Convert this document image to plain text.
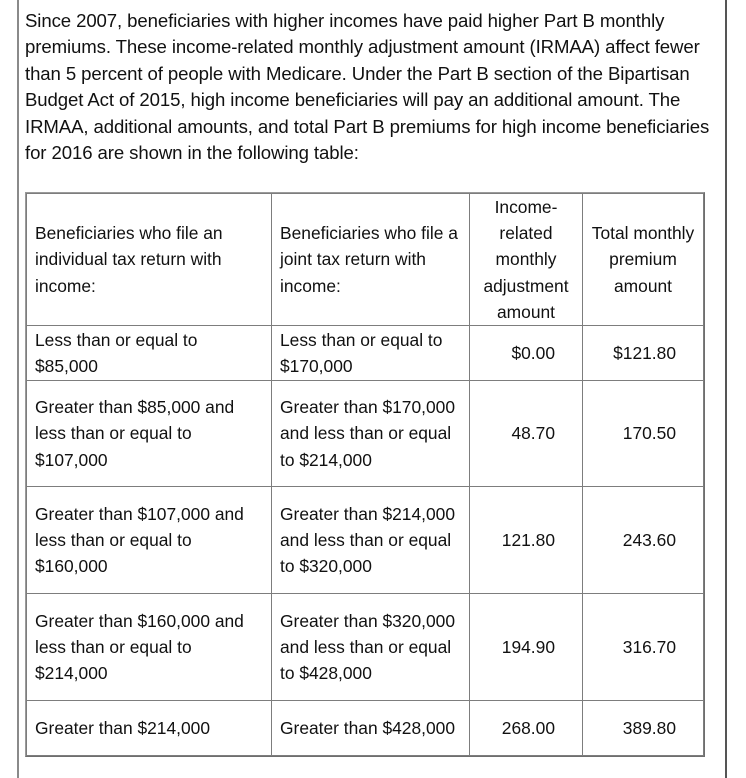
Since 2007, beneficiaries with higher incomes have paid higher Part B monthly premiums. These income-related monthly adjustment amount (IRMAA) affect fewer than 5 percent of people with Medicare. Under the Part B section of the Bipartisan Budget Act of 2015, high income beneficiaries will pay an additional amount. The IRMAA, additional amounts, and total Part B premiums for high income beneficiaries for 2016 are shown in the following table:

Beneficiaries who file an individual tax return with income:	Beneficiaries who file a joint tax return with income:	Income-related monthly adjustment amount	Total monthly premium amount
Less than or equal to $85,000	Less than or equal to $170,000	$0.00	$121.80
Greater than $85,000 and less than or equal to $107,000	Greater than $170,000 and less than or equal to $214,000	48.70	170.50
Greater than $107,000 and less than or equal to $160,000	Greater than $214,000 and less than or equal to $320,000	121.80	243.60
Greater than $160,000 and less than or equal to $214,000	Greater than $320,000 and less than or equal to $428,000	194.90	316.70
Greater than $214,000	Greater than $428,000	268.00	389.80
